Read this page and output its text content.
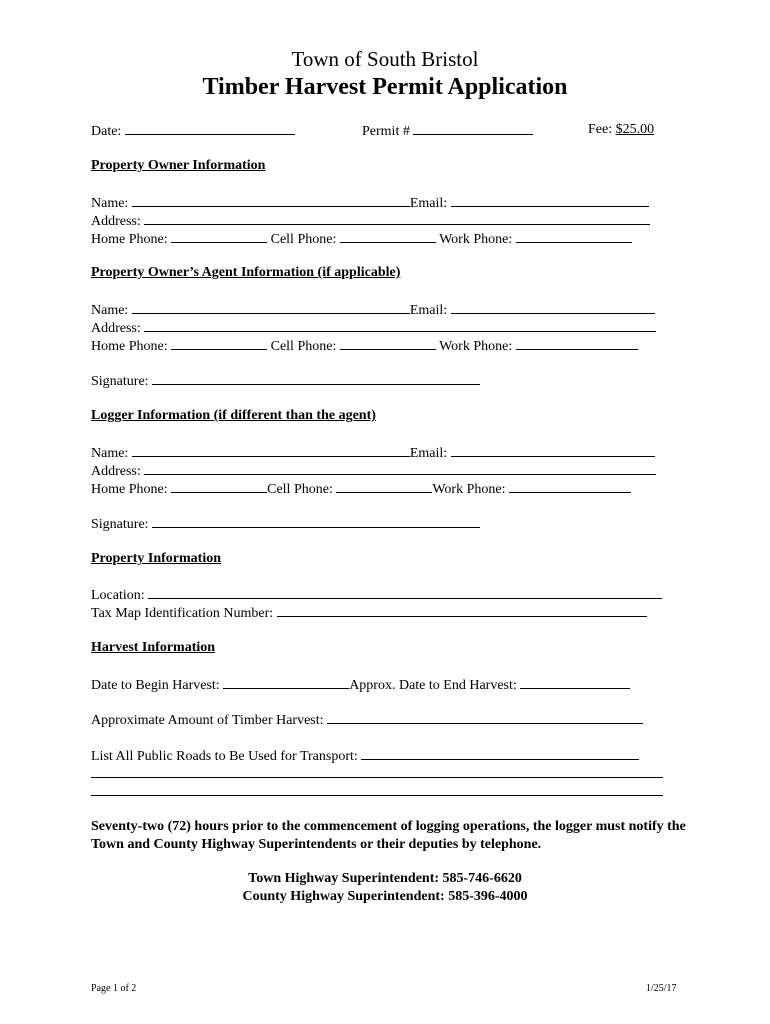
Town of South Bristol
Timber Harvest Permit Application
Date:	Permit #	Fee: $25.00
Property Owner Information
Name:	Email:
Address:
Home Phone:	Cell Phone:	Work Phone:
Property Owner’s Agent Information (if applicable)
Name:	Email:
Address:
Home Phone:	Cell Phone:	Work Phone:
Signature:
Logger Information (if different than the agent)
Name:	Email:
Address:
Home Phone:	Cell Phone:	Work Phone:
Signature:
Property Information
Location:
Tax Map Identification Number:
Harvest Information
Date to Begin Harvest:	Approx. Date to End Harvest:
Approximate Amount of Timber Harvest:
List All Public Roads to Be Used for Transport:
Seventy-two (72) hours prior to the commencement of logging operations, the logger must notify the Town and County Highway Superintendents or their deputies by telephone.
Town Highway Superintendent: 585-746-6620
County Highway Superintendent: 585-396-4000
Page 1 of 2	1/25/17
